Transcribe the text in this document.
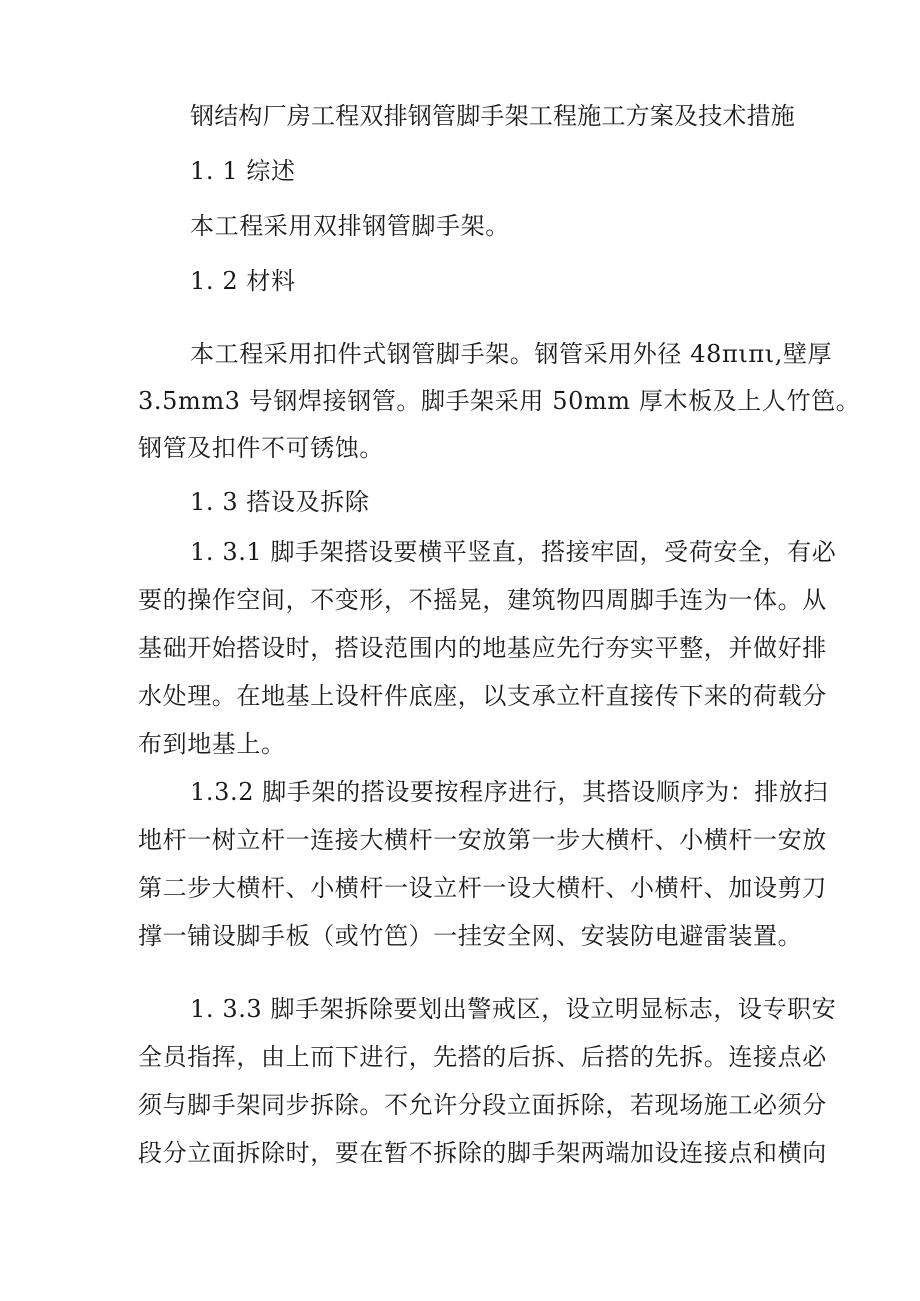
钢结构厂房工程双排钢管脚手架工程施工方案及技术措施
1. 1 综述
本工程采用双排钢管脚手架。
1. 2 材料
本工程采用扣件式钢管脚手架。钢管采用外径 48πιπι,壁厚
3.5mm3 号钢焊接钢管。脚手架采用 50mm 厚木板及上人竹笆。
钢管及扣件不可锈蚀。
1. 3 搭设及拆除
1. 3.1 脚手架搭设要横平竖直，搭接牢固，受荷安全，有必
要的操作空间，不变形，不摇晃，建筑物四周脚手连为一体。从
基础开始搭设时，搭设范围内的地基应先行夯实平整，并做好排
水处理。在地基上设杆件底座，以支承立杆直接传下来的荷载分
布到地基上。
1.3.2 脚手架的搭设要按程序进行，其搭设顺序为：排放扫
地杆一树立杆一连接大横杆一安放第一步大横杆、小横杆一安放
第二步大横杆、小横杆一设立杆一设大横杆、小横杆、加设剪刀
撑一铺设脚手板（或竹笆）一挂安全网、安装防电避雷装置。
1. 3.3 脚手架拆除要划出警戒区，设立明显标志，设专职安
全员指挥，由上而下进行，先搭的后拆、后搭的先拆。连接点必
须与脚手架同步拆除。不允许分段立面拆除，若现场施工必须分
段分立面拆除时，要在暂不拆除的脚手架两端加设连接点和横向
